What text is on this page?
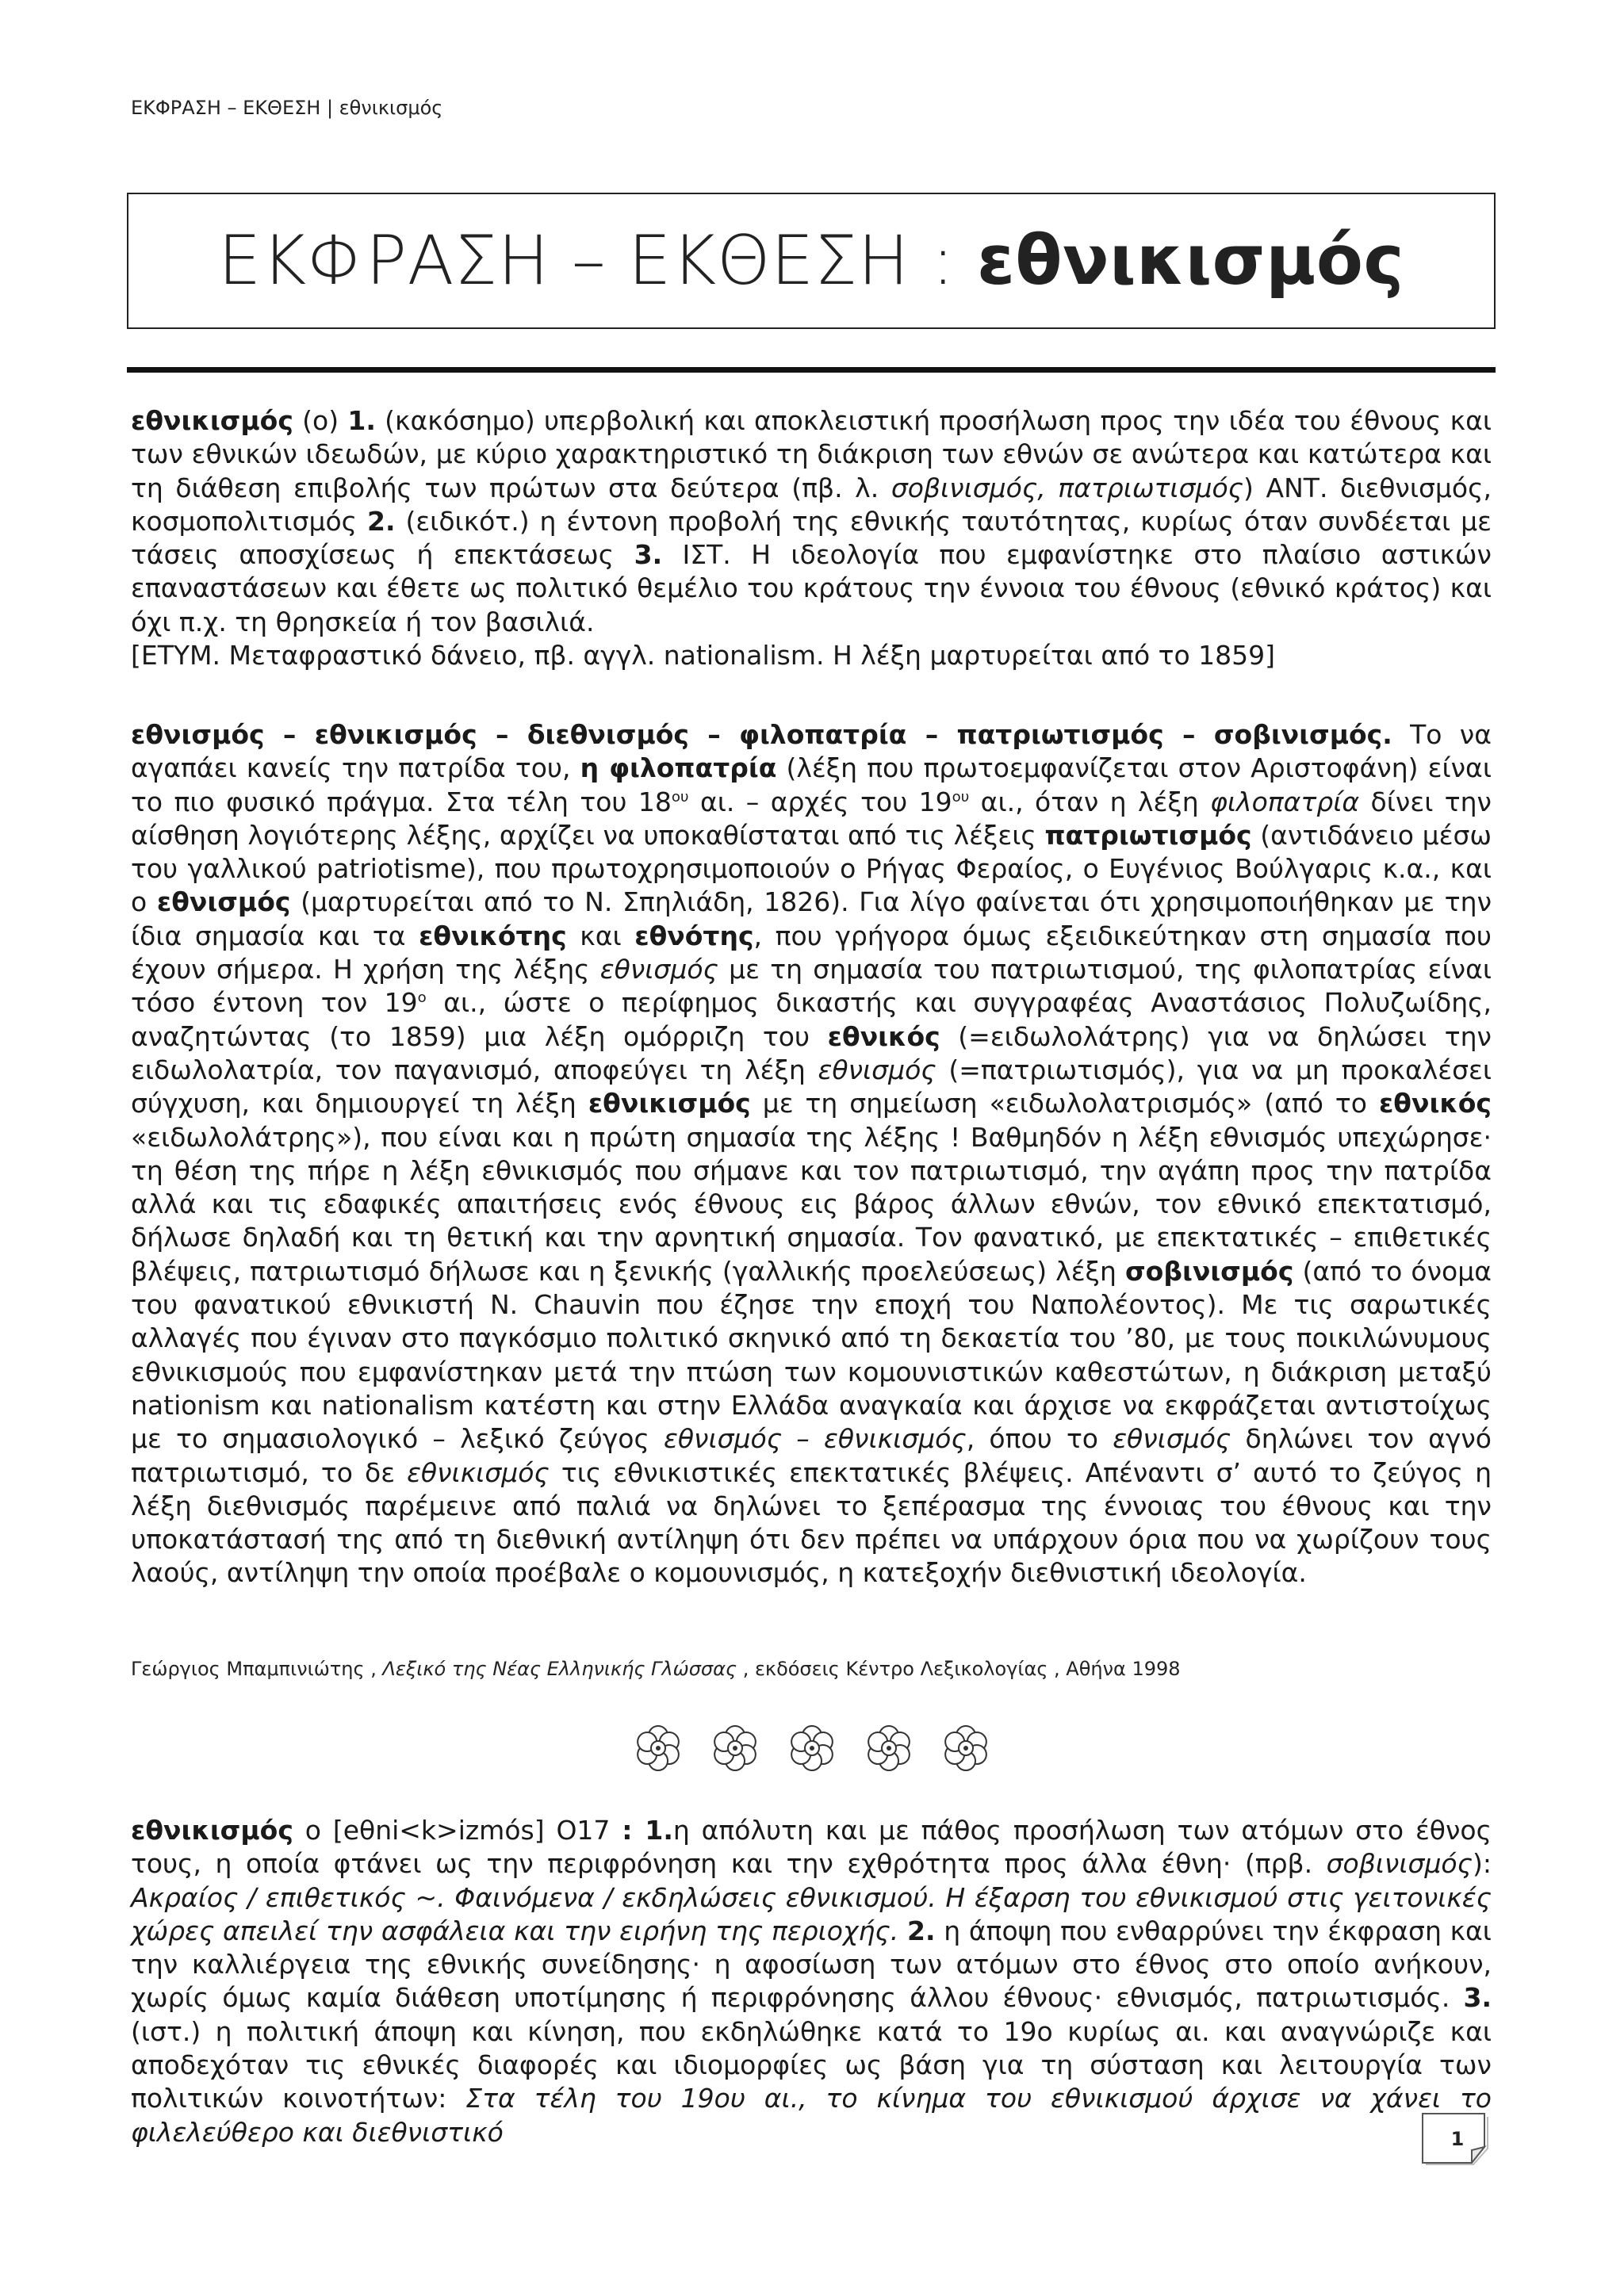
ΕΚΦΡΑΣΗ – ΕΚΘΕΣΗ | εθνικισμός
ΕΚΦΡΑΣΗ – ΕΚΘΕΣΗ : εθνικισμός

εθνικισμός (ο) 1. (κακόσημο) υπερβολική και αποκλειστική προσήλωση προς την ιδέα του έθνους και των εθνικών ιδεωδών, με κύριο χαρακτηριστικό τη διάκριση των εθνών σε ανώτερα και κατώτερα και τη διάθεση επιβολής των πρώτων στα δεύτερα (πβ. λ. σοβινισμός, πατριωτισμός) ΑΝΤ. διεθνισμός, κοσμοπολιτισμός 2. (ειδικότ.) η έντονη προβολή της εθνικής ταυτότητας, κυρίως όταν συνδέεται με τάσεις αποσχίσεως ή επεκτάσεως 3. ΙΣΤ. Η ιδεολογία που εμφανίστηκε στο πλαίσιο αστικών επαναστάσεων και έθετε ως πολιτικό θεμέλιο του κράτους την έννοια του έθνους (εθνικό κράτος) και όχι π.χ. τη θρησκεία ή τον βασιλιά.
[ΕΤΥΜ. Μεταφραστικό δάνειο, πβ. αγγλ. nationalism. Η λέξη μαρτυρείται από το 1859]

εθνισμός – εθνικισμός – διεθνισμός – φιλοπατρία – πατριωτισμός – σοβινισμός. Το να αγαπάει κανείς την πατρίδα του, η φιλοπατρία (λέξη που πρωτοεμφανίζεται στον Αριστοφάνη) είναι το πιο φυσικό πράγμα. Στα τέλη του $18^{o\upsilon}$ αι. – αρχές του $19^{o\upsilon}$ αι., όταν η λέξη φιλοπατρία δίνει την αίσθηση λογιότερης λέξης, αρχίζει να υποκαθίσταται από τις λέξεις πατριωτισμός (αντιδάνειο μέσω του γαλλικού patriotisme), που πρωτοχρησιμοποιούν ο Ρήγας Φεραίος, ο Ευγένιος Βούλγαρις κ.α., και ο εθνισμός (μαρτυρείται από το Ν. Σπηλιάδη, 1826). Για λίγο φαίνεται ότι χρησιμοποιήθηκαν με την ίδια σημασία και τα εθνικότης και εθνότης, που γρήγορα όμως εξειδικεύτηκαν στη σημασία που έχουν σήμερα. Η χρήση της λέξης εθνισμός με τη σημασία του πατριωτισμού, της φιλοπατρίας είναι τόσο έντονη τον $19^o$ αι., ώστε ο περίφημος δικαστής και συγγραφέας Αναστάσιος Πολυζωίδης, αναζητώντας (το 1859) μια λέξη ομόρριζη του εθνικός (=ειδωλολάτρης) για να δηλώσει την ειδωλολατρία, τον παγανισμό, αποφεύγει τη λέξη εθνισμός (=πατριωτισμός), για να μη προκαλέσει σύγχυση, και δημιουργεί τη λέξη εθνικισμός με τη σημείωση «ειδωλολατρισμός» (από το εθνικός «ειδωλολάτρης»), που είναι και η πρώτη σημασία της λέξης ! Βαθμηδόν η λέξη εθνισμός υπεχώρησε· τη θέση της πήρε η λέξη εθνικισμός που σήμανε και τον πατριωτισμό, την αγάπη προς την πατρίδα αλλά και τις εδαφικές απαιτήσεις ενός έθνους εις βάρος άλλων εθνών, τον εθνικό επεκτατισμό, δήλωσε δηλαδή και τη θετική και την αρνητική σημασία. Τον φανατικό, με επεκτατικές – επιθετικές βλέψεις, πατριωτισμό δήλωσε και η ξενικής (γαλλικής προελεύσεως) λέξη σοβινισμός (από το όνομα του φανατικού εθνικιστή N. Chauvin που έζησε την εποχή του Ναπολέοντος). Με τις σαρωτικές αλλαγές που έγιναν στο παγκόσμιο πολιτικό σκηνικό από τη δεκαετία του ’80, με τους ποικιλώνυμους εθνικισμούς που εμφανίστηκαν μετά την πτώση των κομουνιστικών καθεστώτων, η διάκριση μεταξύ nationism και nationalism κατέστη και στην Ελλάδα αναγκαία και άρχισε να εκφράζεται αντιστοίχως με το σημασιολογικό – λεξικό ζεύγος εθνισμός – εθνικισμός, όπου το εθνισμός δηλώνει τον αγνό πατριωτισμό, το δε εθνικισμός τις εθνικιστικές επεκτατικές βλέψεις. Απέναντι σ’ αυτό το ζεύγος η λέξη διεθνισμός παρέμεινε από παλιά να δηλώνει το ξεπέρασμα της έννοιας του έθνους και την υποκατάστασή της από τη διεθνική αντίληψη ότι δεν πρέπει να υπάρχουν όρια που να χωρίζουν τους λαούς, αντίληψη την οποία προέβαλε ο κομουνισμός, η κατεξοχήν διεθνιστική ιδεολογία.

Γεώργιος Μπαμπινιώτης , Λεξικό της Νέας Ελληνικής Γλώσσας , εκδόσεις Κέντρο Λεξικολογίας , Αθήνα 1998

εθνικισμός ο [eθni<k>izmós] Ο17 : 1.η απόλυτη και με πάθος προσήλωση των ατόμων στο έθνος τους, η οποία φτάνει ως την περιφρόνηση και την εχθρότητα προς άλλα έθνη· (πρβ. σοβινισμός): Ακραίος / επιθετικός ~. Φαινόμενα / εκδηλώσεις εθνικισμού. Η έξαρση του εθνικισμού στις γειτονικές χώρες απειλεί την ασφάλεια και την ειρήνη της περιοχής. 2. η άποψη που ενθαρρύνει την έκφραση και την καλλιέργεια της εθνικής συνείδησης· η αφοσίωση των ατόμων στο έθνος στο οποίο ανήκουν, χωρίς όμως καμία διάθεση υποτίμησης ή περιφρόνησης άλλου έθνους· εθνισμός, πατριωτισμός. 3. (ιστ.) η πολιτική άποψη και κίνηση, που εκδηλώθηκε κατά το 19ο κυρίως αι. και αναγνώριζε και αποδεχόταν τις εθνικές διαφορές και ιδιομορφίες ως βάση για τη σύσταση και λειτουργία των πολιτικών κοινοτήτων: Στα τέλη του 19ου αι., το κίνημα του εθνικισμού άρχισε να χάνει το φιλελεύθερο και διεθνιστικό	1
